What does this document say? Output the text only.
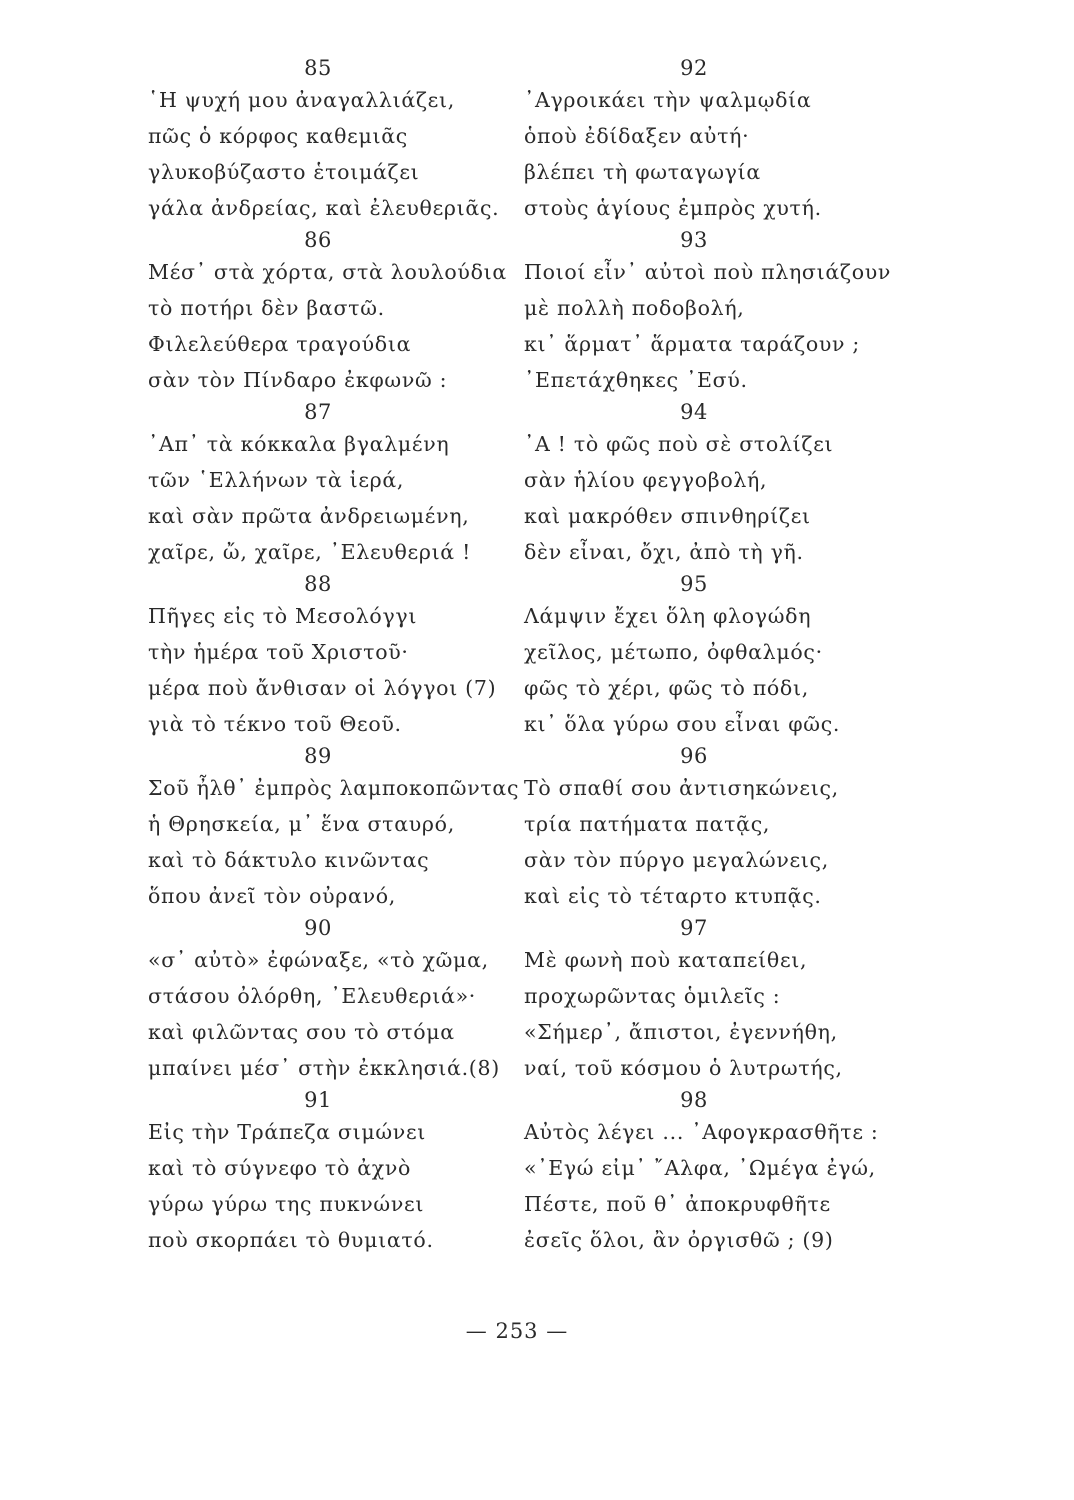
85
῾Η ψυχή μου ἀναγαλλιάζει,
πῶς ὁ κόρφος καθεμιᾶς
γλυκοβύζαστο ἑτοιμάζει
γάλα ἀνδρείας, καὶ ἐλευθεριᾶς.
86
Μέσ᾿ στὰ χόρτα, στὰ λουλούδια
τὸ ποτήρι δὲν βαστῶ.
Φιλελεύθερα τραγούδια
σὰν τὸν Πίνδαρο ἐκφωνῶ :
87
᾿Απ᾿ τὰ κόκκαλα βγαλμένη
τῶν ῾Ελλήνων τὰ ἱερά,
καὶ σὰν πρῶτα ἀνδρειωμένη,
χαῖρε, ὤ, χαῖρε, ᾿Ελευθεριά !
88
Πῆγες εἰς τὸ Μεσολόγγι
τὴν ἡμέρα τοῦ Χριστοῦ·
μέρα ποὺ ἄνθισαν οἱ λόγγοι (7)
γιὰ τὸ τέκνο τοῦ Θεοῦ.
89
Σοῦ ἦλθ᾿ ἐμπρὸς λαμποκοπῶντας
ἡ Θρησκεία, μ᾿ ἕνα σταυρό,
καὶ τὸ δάκτυλο κινῶντας
ὅπου ἀνεῖ τὸν οὐρανό,
90
«σ᾿ αὐτὸ» ἐφώναξε, «τὸ χῶμα,
στάσου ὀλόρθη, ᾿Ελευθεριά»·
καὶ φιλῶντας σου τὸ στόμα
μπαίνει μέσ᾿ στὴν ἐκκλησιά.(8)
91
Εἰς τὴν Τράπεζα σιμώνει
καὶ τὸ σύγνεφο τὸ ἀχνὸ
γύρω γύρω της πυκνώνει
ποὺ σκορπάει τὸ θυμιατό.
92
᾿Αγροικάει τὴν ψαλμῳδία
ὁποὺ ἐδίδαξεν αὐτή·
βλέπει τὴ φωταγωγία
στοὺς ἁγίους ἐμπρὸς χυτή.
93
Ποιοί εἶν᾿ αὐτοὶ ποὺ πλησιάζουν
μὲ πολλὴ ποδοβολή,
κι᾿ ἅρματ᾿ ἅρματα ταράζουν ;
᾿Επετάχθηκες ᾿Εσύ.
94
᾿Α ! τὸ φῶς ποὺ σὲ στολίζει
σὰν ἡλίου φεγγοβολή,
καὶ μακρόθεν σπινθηρίζει
δὲν εἶναι, ὄχι, ἀπὸ τὴ γῆ.
95
Λάμψιν ἔχει ὅλη φλογώδη
χεῖλος, μέτωπο, ὀφθαλμός·
φῶς τὸ χέρι, φῶς τὸ πόδι,
κι᾿ ὅλα γύρω σου εἶναι φῶς.
96
Τὸ σπαθί σου ἀντισηκώνεις,
τρία πατήματα πατᾷς,
σὰν τὸν πύργο μεγαλώνεις,
καὶ εἰς τὸ τέταρτο κτυπᾷς.
97
Μὲ φωνὴ ποὺ καταπείθει,
προχωρῶντας ὁμιλεῖς :
«Σήμερ᾿, ἄπιστοι, ἐγεννήθη,
ναί, τοῦ κόσμου ὁ λυτρωτής,
98
Αὐτὸς λέγει ... ᾿Αφογκρασθῆτε :
«᾿Εγώ εἰμ᾿ ῎Αλφα, ᾿Ωμέγα ἐγώ,
Πέστε, ποῦ θ᾿ ἀποκρυφθῆτε
ἐσεῖς ὅλοι, ἂν ὀργισθῶ ; (9)
— 253 —
